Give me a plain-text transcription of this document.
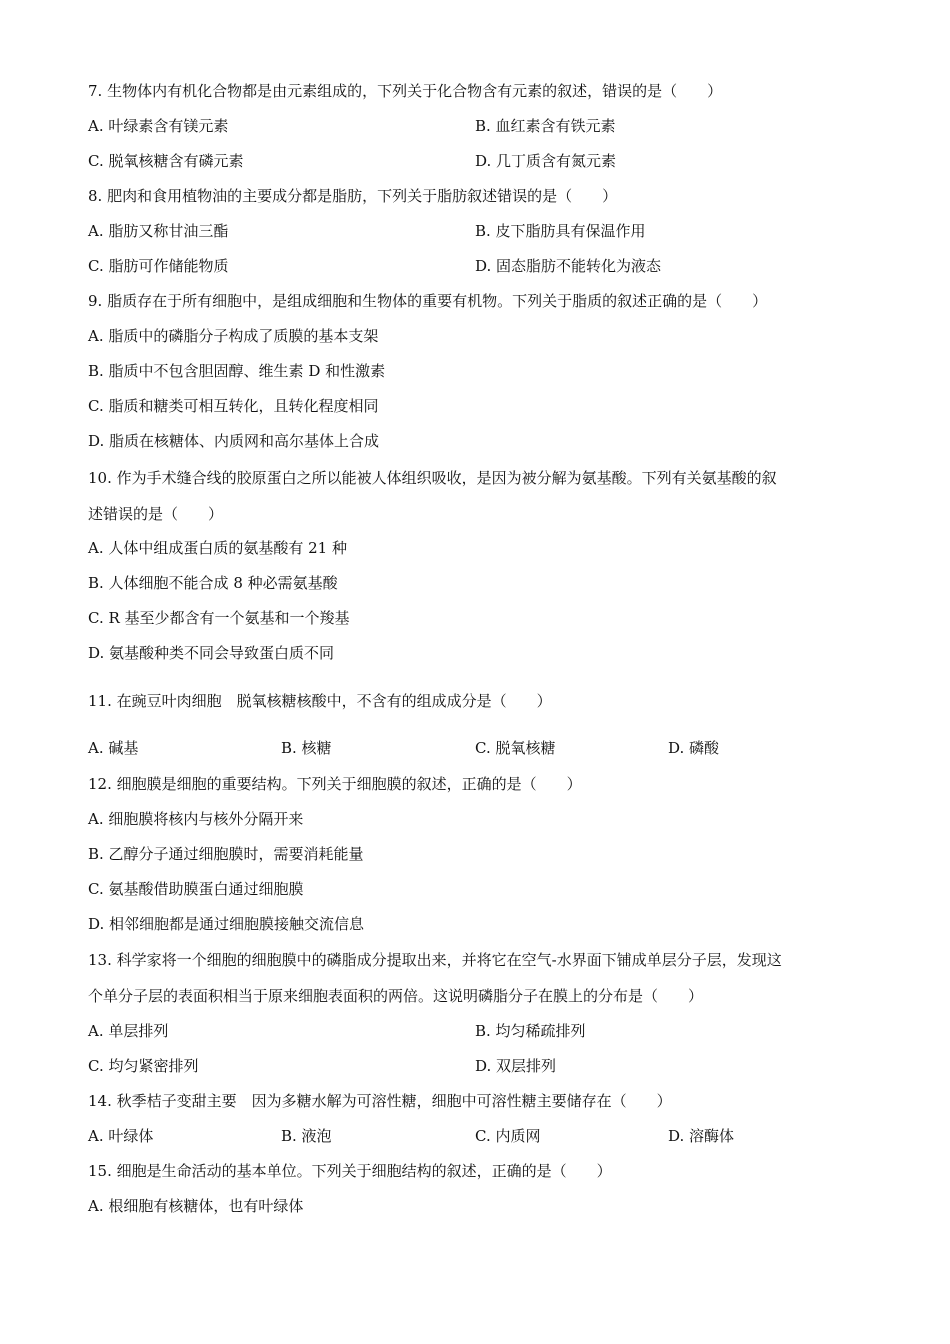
7. 生物体内有机化合物都是由元素组成的，下列关于化合物含有元素的叙述，错误的是（　　）
A. 叶绿素含有镁元素	B. 血红素含有铁元素
C. 脱氧核糖含有磷元素	D. 几丁质含有氮元素
8. 肥肉和食用植物油的主要成分都是脂肪，下列关于脂肪叙述错误的是（　　）
A. 脂肪又称甘油三酯	B. 皮下脂肪具有保温作用
C. 脂肪可作储能物质	D. 固态脂肪不能转化为液态
9. 脂质存在于所有细胞中，是组成细胞和生物体的重要有机物。下列关于脂质的叙述正确的是（　　）
A. 脂质中的磷脂分子构成了质膜的基本支架
B. 脂质中不包含胆固醇、维生素 D 和性激素
C. 脂质和糖类可相互转化，且转化程度相同
D. 脂质在核糖体、内质网和高尔基体上合成
10. 作为手术缝合线的胶原蛋白之所以能被人体组织吸收，是因为被分解为氨基酸。下列有关氨基酸的叙
述错误的是（　　）
A. 人体中组成蛋白质的氨基酸有 21 种
B. 人体细胞不能合成 8 种必需氨基酸
C. R 基至少都含有一个氨基和一个羧基
D. 氨基酸种类不同会导致蛋白质不同
11. 在豌豆叶肉细胞　脱氧核糖核酸中，不含有的组成成分是（　　）
A. 碱基	B. 核糖	C. 脱氧核糖	D. 磷酸
12. 细胞膜是细胞的重要结构。下列关于细胞膜的叙述，正确的是（　　）
A. 细胞膜将核内与核外分隔开来
B. 乙醇分子通过细胞膜时，需要消耗能量
C. 氨基酸借助膜蛋白通过细胞膜
D. 相邻细胞都是通过细胞膜接触交流信息
13. 科学家将一个细胞的细胞膜中的磷脂成分提取出来，并将它在空气-水界面下铺成单层分子层，发现这
个单分子层的表面积相当于原来细胞表面积的两倍。这说明磷脂分子在膜上的分布是（　　）
A. 单层排列	B. 均匀稀疏排列
C. 均匀紧密排列	D. 双层排列
14. 秋季桔子变甜主要　因为多糖水解为可溶性糖，细胞中可溶性糖主要储存在（　　）
A. 叶绿体	B. 液泡	C. 内质网	D. 溶酶体
15. 细胞是生命活动的基本单位。下列关于细胞结构的叙述，正确的是（　　）
A. 根细胞有核糖体，也有叶绿体
